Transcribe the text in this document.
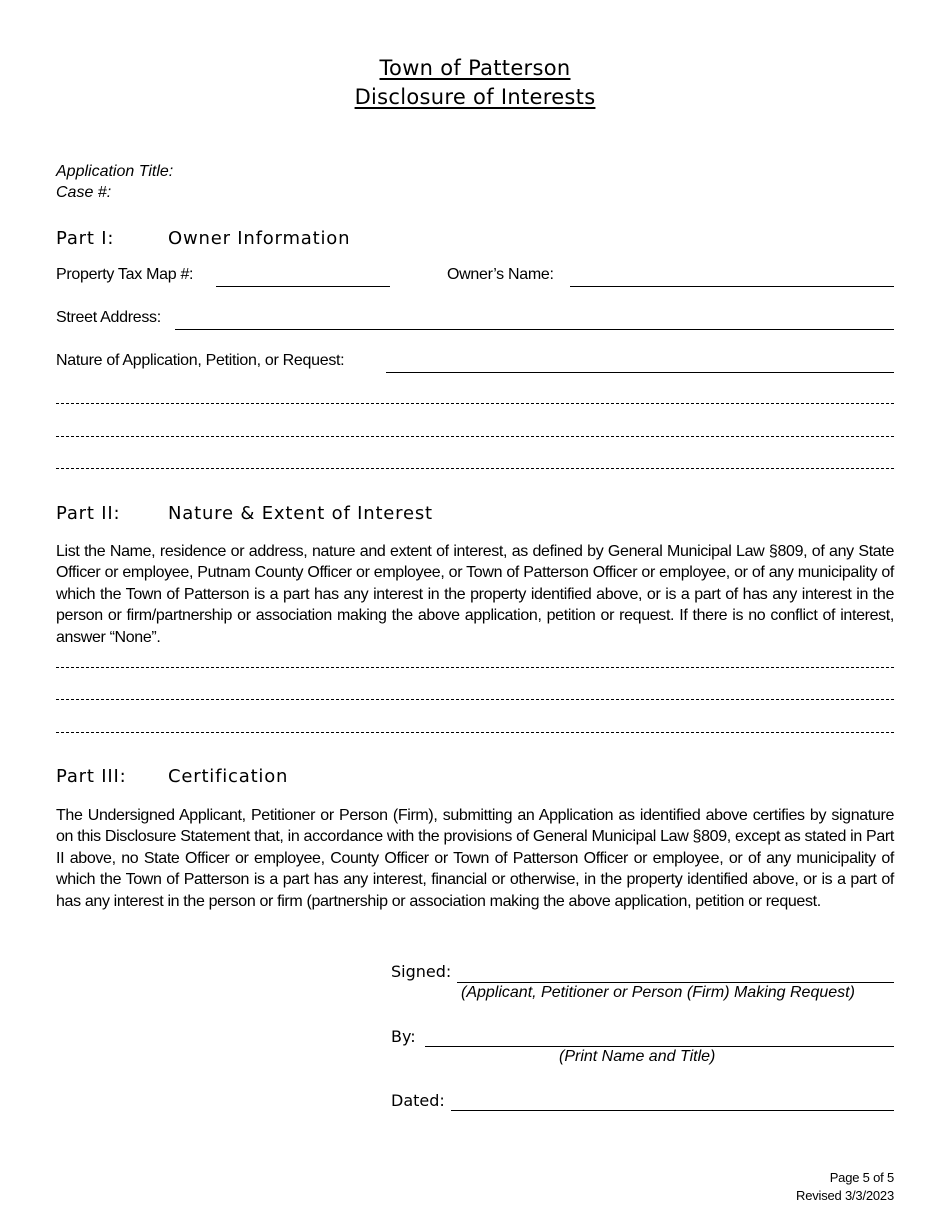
Town of Patterson
Disclosure of Interests
Application Title:
Case #:
Part I:	Owner Information
Property Tax Map #:	Owner’s Name:
Street Address:
Nature of Application, Petition, or Request:
Part II:	Nature & Extent of Interest
List the Name, residence or address, nature and extent of interest, as defined by General Municipal Law §809, of any State Officer or employee, Putnam County Officer or employee, or Town of Patterson Officer or employee, or of any municipality of which the Town of Patterson is a part has any interest in the property identified above, or is a part of has any interest in the person or firm/partnership or association making the above application, petition or request. If there is no conflict of interest, answer “None”.
Part III: Certification
The Undersigned Applicant, Petitioner or Person (Firm), submitting an Application as identified above certifies by signature on this Disclosure Statement that, in accordance with the provisions of General Municipal Law §809, except as stated in Part II above, no State Officer or employee, County Officer or Town of Patterson Officer or employee, or of any municipality of which the Town of Patterson is a part has any interest, financial or otherwise, in the property identified above, or is a part of has any interest in the person or firm (partnership or association making the above application, petition or request.
Signed:
(Applicant, Petitioner or Person (Firm) Making Request)
By:
(Print Name and Title)
Dated:
Page 5 of 5
Revised 3/3/2023
